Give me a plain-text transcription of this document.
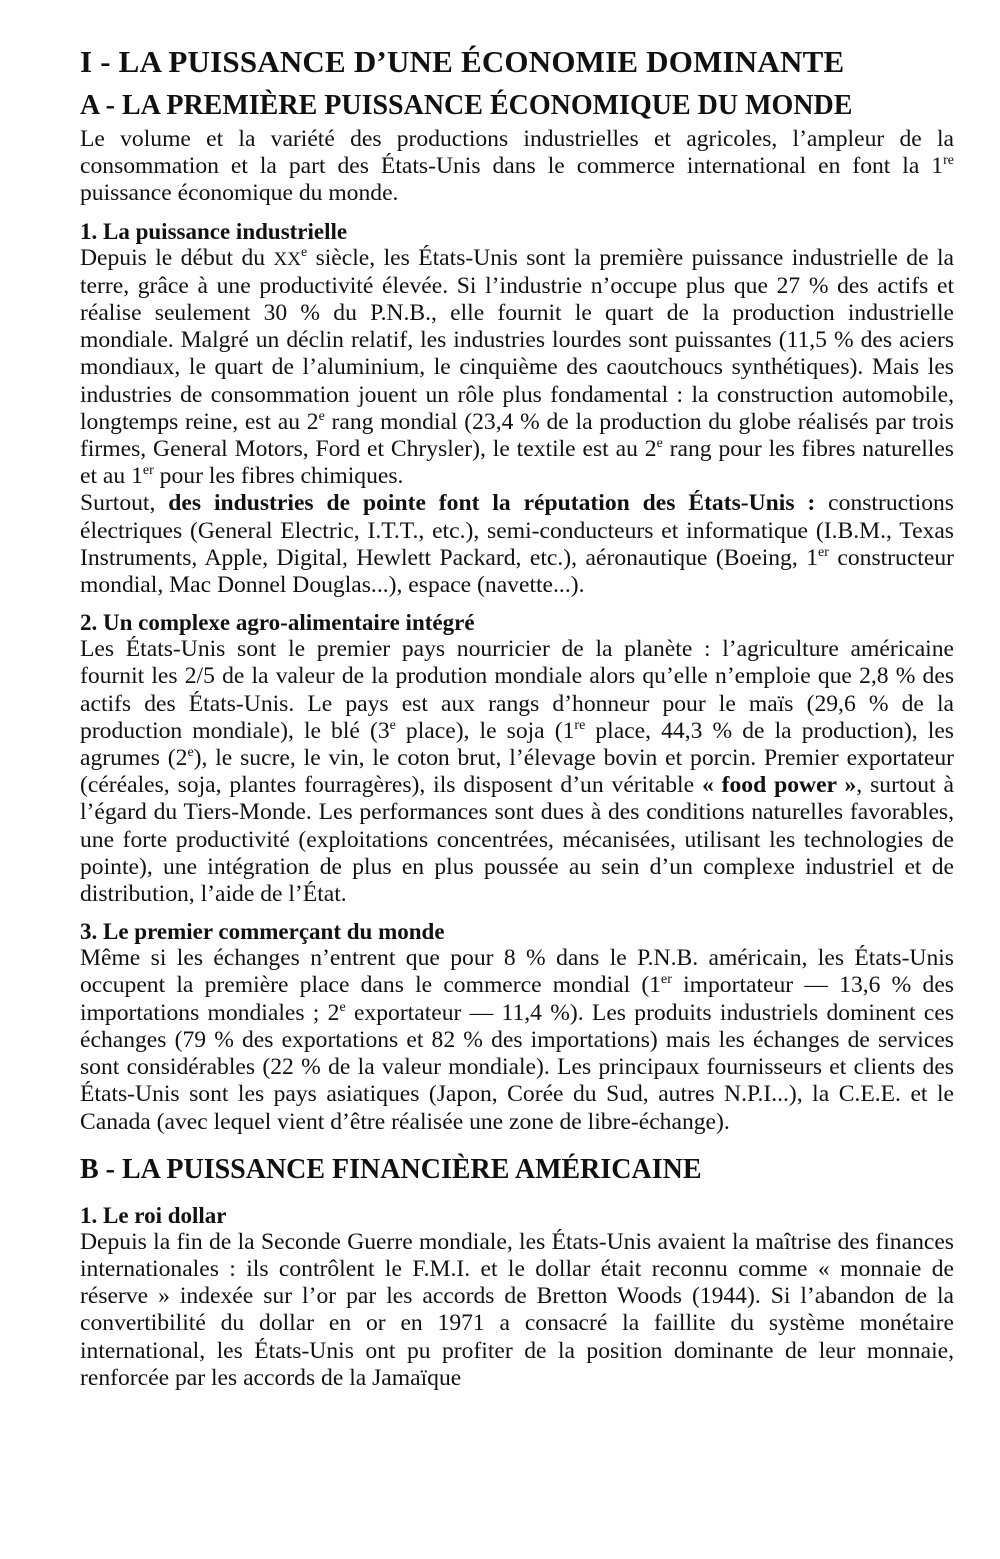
I - LA PUISSANCE D’UNE ÉCONOMIE DOMINANTE
A - LA PREMIÈRE PUISSANCE ÉCONOMIQUE DU MONDE

Le volume et la variété des productions industrielles et agricoles, l’ampleur de la consommation et la part des États-Unis dans le commerce international en font la 1re puissance économique du monde.

1. La puissance industrielle

Depuis le début du XXe siècle, les États-Unis sont la première puissance industrielle de la terre, grâce à une productivité élevée. Si l’industrie n’occupe plus que 27 % des actifs et réalise seulement 30 % du P.N.B., elle fournit le quart de la production industrielle mondiale. Malgré un déclin relatif, les industries lourdes sont puissantes (11,5 % des aciers mondiaux, le quart de l’aluminium, le cinquième des caoutchoucs synthétiques). Mais les industries de consommation jouent un rôle plus fondamental : la construction automobile, longtemps reine, est au 2e rang mondial (23,4 % de la production du globe réalisés par trois firmes, General Motors, Ford et Chrysler), le textile est au 2e rang pour les fibres naturelles et au 1er pour les fibres chimiques.

Surtout, des industries de pointe font la réputation des États-Unis : constructions électriques (General Electric, I.T.T., etc.), semi-conducteurs et informatique (I.B.M., Texas Instruments, Apple, Digital, Hewlett Packard, etc.), aéronautique (Boeing, 1er constructeur mondial, Mac Donnel Douglas...), espace (navette...).

2. Un complexe agro-alimentaire intégré

Les États-Unis sont le premier pays nourricier de la planète : l’agriculture américaine fournit les 2/5 de la valeur de la prodution mondiale alors qu’elle n’emploie que 2,8 % des actifs des États-Unis. Le pays est aux rangs d’honneur pour le maïs (29,6 % de la production mondiale), le blé (3e place), le soja (1re place, 44,3 % de la production), les agrumes (2e), le sucre, le vin, le coton brut, l’élevage bovin et porcin. Premier exportateur (céréales, soja, plantes fourragères), ils disposent d’un véritable « food power », surtout à l’égard du Tiers-Monde. Les performances sont dues à des conditions naturelles favorables, une forte productivité (exploitations concentrées, mécanisées, utilisant les technologies de pointe), une intégration de plus en plus poussée au sein d’un complexe industriel et de distribution, l’aide de l’État.

3. Le premier commerçant du monde

Même si les échanges n’entrent que pour 8 % dans le P.N.B. américain, les États-Unis occupent la première place dans le commerce mondial (1er importateur — 13,6 % des importations mondiales ; 2e exportateur — 11,4 %). Les produits industriels dominent ces échanges (79 % des exportations et 82 % des importations) mais les échanges de services sont considérables (22 % de la valeur mondiale). Les principaux fournisseurs et clients des États-Unis sont les pays asiatiques (Japon, Corée du Sud, autres N.P.I...), la C.E.E. et le Canada (avec lequel vient d’être réalisée une zone de libre-échange).

B - LA PUISSANCE FINANCIÈRE AMÉRICAINE
1. Le roi dollar

Depuis la fin de la Seconde Guerre mondiale, les États-Unis avaient la maîtrise des finances internationales : ils contrôlent le F.M.I. et le dollar était reconnu comme « monnaie de réserve » indexée sur l’or par les accords de Bretton Woods (1944). Si l’abandon de la convertibilité du dollar en or en 1971 a consacré la faillite du système monétaire international, les États-Unis ont pu profiter de la position dominante de leur monnaie, renforcée par les accords de la Jamaïque
